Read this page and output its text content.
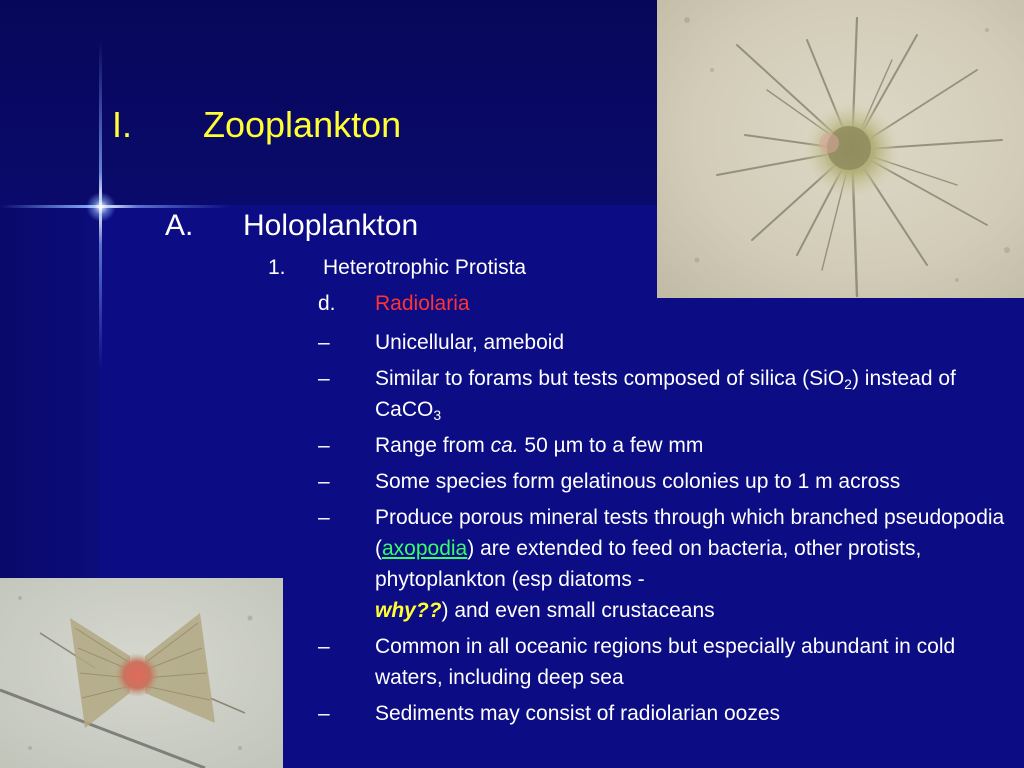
I. Zooplankton
A. Holoplankton
1. Heterotrophic Protista
d. Radiolaria
– Unicellular, ameboid
– Similar to forams but tests composed of silica (SiO$_2$) instead of CaCO$_3$
– Range from ca. 50 µm to a few mm
– Some species form gelatinous colonies up to 1 m across
– Produce porous mineral tests through which branched pseudopodia (axopodia) are extended to feed on bacteria, other protists, phytoplankton (esp diatoms -
why??) and even small crustaceans
– Common in all oceanic regions but especially abundant in cold waters, including deep sea
– Sediments may consist of radiolarian oozes
